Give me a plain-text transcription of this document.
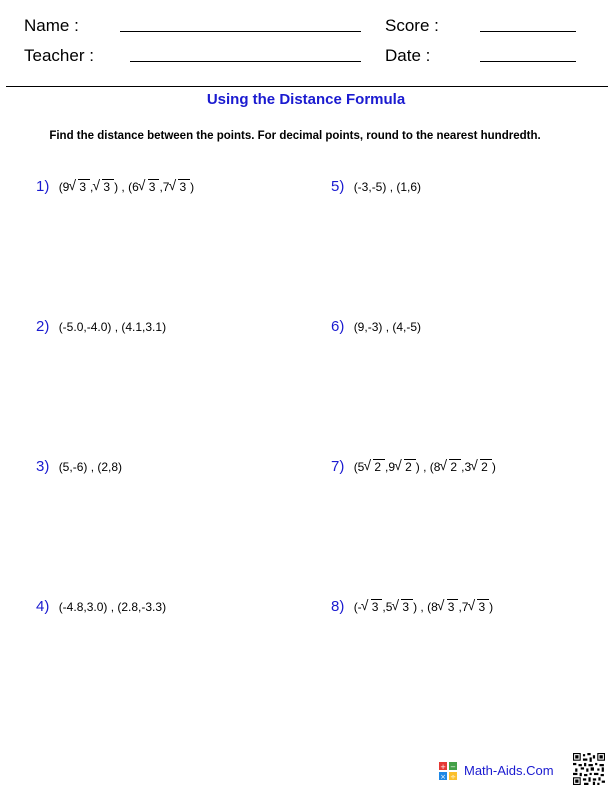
Name :	Score :
Teacher :	Date :
Using the Distance Formula
Find the distance between the points. For decimal points, round to the nearest hundredth.
1) (9 √ 3 , √ 3 ) , (6 √ 3 ,7 √ 3 )
2) (-5.0,-4.0) , (4.1,3.1)
3) (5,-6) , (2,8)
4) (-4.8,3.0) , (2.8,-3.3)
5) (-3,-5) , (1,6)
6) (9,-3) , (4,-5)
7) (5 √ 2 ,9 √ 2 ) , (8 √ 2 ,3 √ 2 )
8) (- √ 3 ,5 √ 3 ) , (8 √ 3 ,7 √ 3 )
+ −
× ÷ Math-Aids.Com
